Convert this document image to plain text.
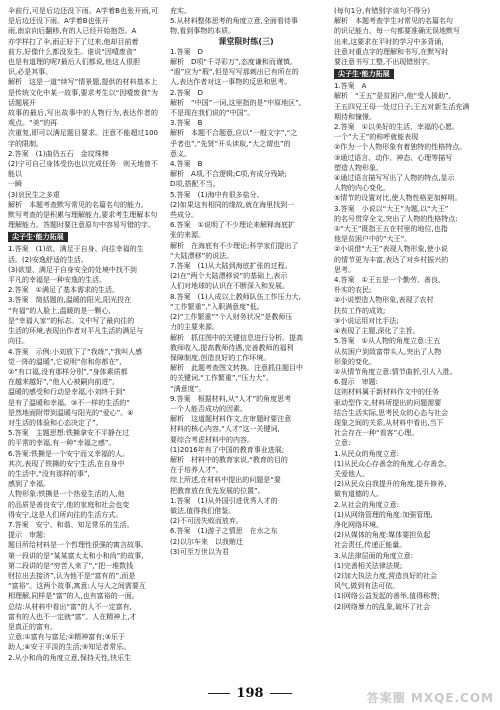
伞前行,可是后边还没下雨。A学着B也张开雨,可是后边还没下雨。A学着B也张开

雨,南京向后翻移,有的人已经开始抱怨。A

亦学样打了伞,雨正好下了过来,他却目前着

前方,好像什么都没发生。谁说“因噎废食”

也是有道理的呢?最后人们都说,他这人很胆

识,必是其事。

解析　这是一道“续写”情景题,提供的材料基本上

是传统文化中某一故事,要求考生以“因噎废食”为话题展开

故事的最后,写出故事中的人物行为,表达作者的观点。“美”的再

次重复,即可以满足题目要求。注意不能超过100字的限制。

2.答案　(1)曲仍五石　金玟珠棒

(2)宁可自己身体受伤也以完成任务　则天地曾不能以

一瞬

(3)哀民生之多艰

解析　本题考查默写常见的名篇名句的能力,

默写考查的是积累与理解能力,要求考生理解本句

理解能力。答题时要注意原句中容易写错的字。

尖子生·能力拓展

1.答案　(1)欲、满足于自身、向往幸福的生

活。(2)安逸舒适的生活。

(3)欲望、满足于自身安全的处境中找不到

平凡的幸福是一种安逸的生活。

2.答案　①满足了基本需求的生活。

3.答案　简括题的,温暖的阳光,阳光投在

“有福”的人脸上,温暖的是一颗心,

是“幸福人家”的标志。文中写了最向往的

生活的环境,表现出作者对平凡生活的满足与

向往。

4.答案　示例:小刘放下了“我练”,“我叫人感

觉一阵的温暖”,它说明“你和你都在”,

②“有口福,没有那样分别”,“身体素质都

在越来越好”,“他人心被嗣向前进”,

温暖的感受和行动是幸福,小刘终于到“

是有了温暖和幸福。③不一样的生活的“

是然地面附带到温暖与阳光的“爱心”。④

对生活的体验和心态决定了”。

5.答案　主题思想:铁撕拿安不平静在过

的平常的幸福,有一种“幸福之感”。

6.答案:铁撕是一个安宁而又幸福的人。

其次,表现了铁撕的安宁生活,在自身中

的生活中,“没有那样的事”,

感到了幸福。

人物形象:铁撕是一个热爱生活的人,他

的品质是善良安宁,他的家庭和社会也变

得安宁,这是人们所向往的生活方式。

7.答案　安宁、和谐、知足常乐的生活。

提示　审题:

题目所给材料是一个哲理性很强的寓言故事,

第一段讲的是“某某富太太和小和尚”的故事,

第二段讲的是“穷苦人来了”,“把一堆数钱

财拉出去接济”,认为他不是“富有的”,而是

“富裕”。这两个故事,寓意:人与人之间需要互

相理解,同样是“富”的人,也有富裕的一面。

总结:从材料中看出“富”的人不一定富有,

富有的人也不一定就“富”。人在精神上,才

是真正的富有。

立意:①富有与富足;②精神富有;③乐于

助人;④安于平淡的生活;⑤知足者常乐。

2.从小和尚的角度立意,保持天性,快乐生

充实。

5.从材料整体思考的角度立意,全面看待事

物,看到事物的本质。

课堂限时练(三)

1.答案　D

解析　D项“千寻彩万”,态度谦和而谨慎,

“遐”应为“瑕”,但是写写那刺出已有所在的

人,表达作者对这一事物的反思和思考。

2.答案　D

解析　“中国”一词,这里指的是“中原地区”,

不是现在我们说的“中国”。

3.答案　B

解析　本题不合题意,应以“一般文字”,“之

乎者也”,“先贤”开头读取,“大之谓也”的

意义。

4.答案　B

解析　A项,不合逻辑;C项,有成分残缺;

D项,搭配不当。

5.答案　(1)海中有很多盐分。

(2)如果这有相同的缘故,就在海里找到一

些成分。

6.答案　①说明了不少理论来解释海底扩

张的来源。

解析　在海底有不少理论;科学家们提出了

“大陆漂移”的说法。

7.答案　(1)从大陆到海底扩张的过程。

(2)在“两个大陆漂移说”的基础上,表示

人们对地球的认识在不断深入和发展。

8.答案　(1)人成以上教师队伍工作压力大,

“工作繁重”,“入职满意度”低。

(2)“工作繁重”“个人财务状况”是教师压

力的主要来源。

解析　抓住图中的关键信息进行分析。提高

教师收入,提高教师待遇,完善教师的福利

保障制度,创造良好的工作环境。

解析　此题考查图文转换。注意抓住题目中

的关键词,“工作繁重”,“压力大”,

“满意度”。

9.答案　根据材料,从“人才”的角度思考

一个人能否成功的因素。

解析　这道题材料作文,在审题时要注意

材料的核心内容,“人才”这一关键词,

要综合考虑材料中的内容。

(1)2016年有了中国的教育事业进展;

解析　材料中的教育家说,“教育的目的

在于培养人才”。

综上所述,在材料中提出的问题是“要

把教育放在优先发展的位置”。

1.答案　(1)从外国引进优秀人才的

做法,值得我们借鉴。

(2)不可因失败而放弃。

6.答案　(1)游子之情思　在水之东

(2)以尔车来　以我贿迁

(3)可至万世以为君

(每句1分,有错别字该句不得分)

解析　本题考查学生对常见的名篇名句

的识记能力。每一句都要准确无误地默写

出来,这要求在平时的学习中多背诵,

注意对重点字的理解和书写,在默写时

要注意书写工整,不出现错别字。

尖子生·能力拓展

1.答案　A

解析　“王五”是贫困户,他“受人援助”,

王五四兄王母一处过日子;王五对新生活充满

期待和憧憬。

2.答案　①以美好的生活、幸福的心愿。

一个“大王”的称呼就能表现

②作为一个人物形象有着独特的性格特点。

③通过语言、动作、神态、心理等描写

塑造人物形象。

④通过语言描写写出了人物的特点,显示

人物的内心变化。

⑤情节的设置对比,使人物性格更加鲜明。

3.答案　小说以“大王”为题,以“大王”

的名号贯穿全文,突出了人物的性格特点:

①“大王”既指王五在村里的地位,也指

他是贫困户中的“大王”。

②小说借“大王”表现人物形象,使小说

的情节更为丰富,表达了对乡村振兴的

思考。

4.答案　①王五是一个勤劳、善良、

朴实的农民;

②小说塑造人物形象,表现了农村

扶贫工作的成效;

③小说运用对比手法;

④表现了主题,深化了主旨。

5.答案　①从人物的角度立意:王五

从贫困户到致富带头人,突出了人物

形象的变化。

②从情节角度立意:情节曲折,引人入胜。

6.提示　审题:

这则材料属于新材料作文中的任务

驱动型作文,材料所提出的问题需要

结合生活实际,思考民众的心态与社会

现象之间的关系,从材料中看出,当下

社会存在一种“看客”心理。

立意:

1.从民众的角度立意:

(1)从民众心存善念的角度,心存善念,

关爱他人。

(2)从民众自我提升的角度,提升修养,

做有道德的人。

2.从社会的角度立意:

(1)从网络管理的角度:加强管理,

净化网络环境。

(2)从媒体的角度:媒体要担负起

社会责任,传递正能量。

3.从法律层面的角度立意:

(1)完善相关法律法规;

(2)加大执法力度,营造良好的社会

风气,做到有法可依。

(1)网络公益发起的善举,值得称赞;

(2)网络暴力的乱象,破坏了社会

198	答案圈 MXQE.COM
